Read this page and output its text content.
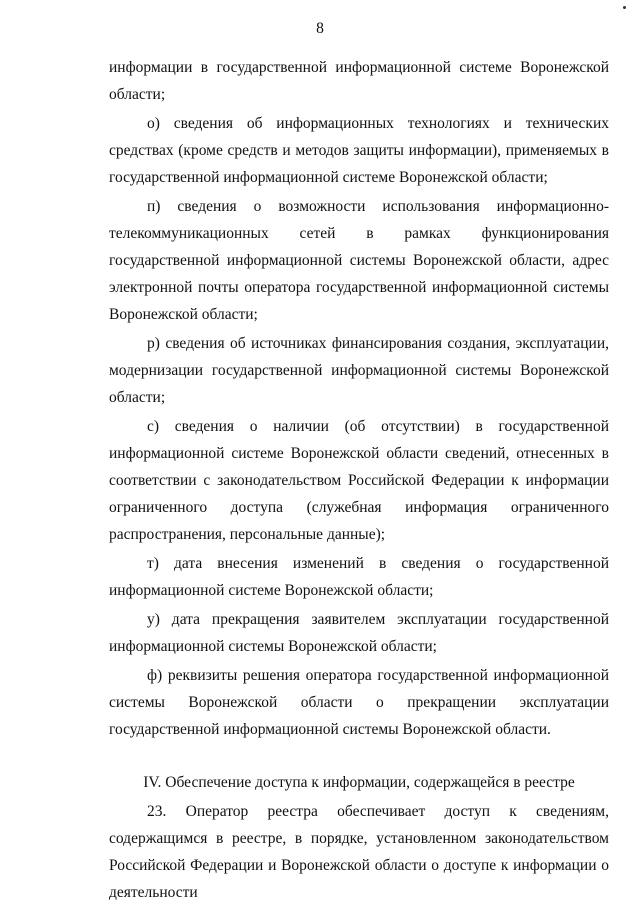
8

информации в государственной информационной системе Воронежской области;

о) сведения об информационных технологиях и технических средствах (кроме средств и методов защиты информации), применяемых в государственной информационной системе Воронежской области;

п) сведения о возможности использования информационно-телекоммуникационных сетей в рамках функционирования государственной информационной системы Воронежской области, адрес электронной почты оператора государственной информационной системы Воронежской области;

р) сведения об источниках финансирования создания, эксплуатации, модернизации государственной информационной системы Воронежской области;

с) сведения о наличии (об отсутствии) в государственной информационной системе Воронежской области сведений, отнесенных в соответствии с законодательством Российской Федерации к информации ограниченного доступа (служебная информация ограниченного распространения, персональные данные);

т) дата внесения изменений в сведения о государственной информационной системе Воронежской области;

у) дата прекращения заявителем эксплуатации государственной информационной системы Воронежской области;

ф) реквизиты решения оператора государственной информационной системы Воронежской области о прекращении эксплуатации государственной информационной системы Воронежской области.

IV. Обеспечение доступа к информации, содержащейся в реестре

23. Оператор реестра обеспечивает доступ к сведениям, содержащимся в реестре, в порядке, установленном законодательством Российской Федерации и Воронежской области о доступе к информации о деятельности
